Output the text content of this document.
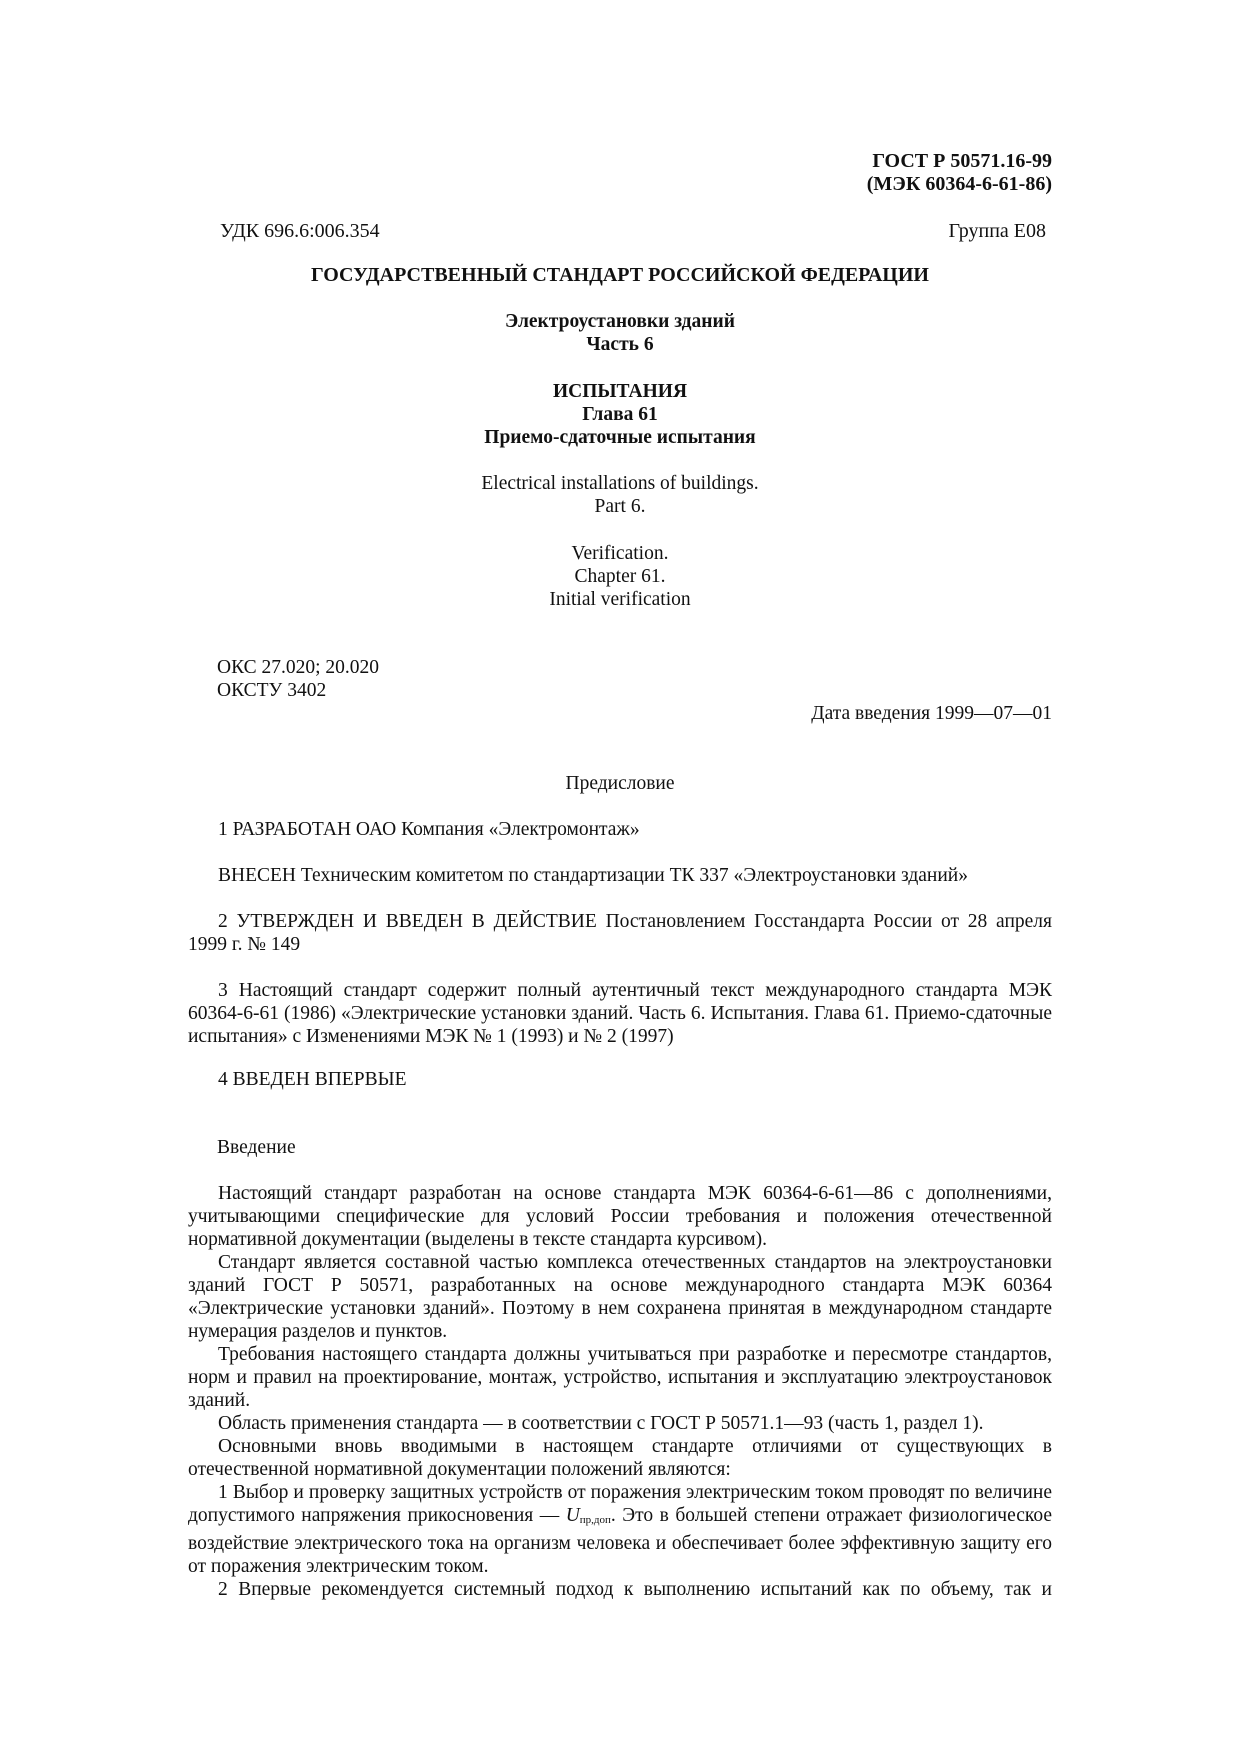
ГОСТ Р 50571.16-99
(МЭК 60364-6-61-86)
УДК 696.6:006.354	Группа Е08
ГОСУДАРСТВЕННЫЙ СТАНДАРТ РОССИЙСКОЙ ФЕДЕРАЦИИ
Электроустановки зданий
Часть 6
ИСПЫТАНИЯ
Глава 61
Приемо-сдаточные испытания
Electrical installations of buildings.
Part 6.
Verification.
Chapter 61.
Initial verification
ОКС 27.020; 20.020
ОКСТУ 3402
Дата введения 1999—07—01
Предисловие
1 РАЗРАБОТАН ОАО Компания «Электромонтаж»
ВНЕСЕН Техническим комитетом по стандартизации ТК 337 «Электроустановки зданий»
2 УТВЕРЖДЕН И ВВЕДЕН В ДЕЙСТВИЕ Постановлением Госстандарта России от 28 апреля 1999 г. № 149
3 Настоящий стандарт содержит полный аутентичный текст международного стандарта МЭК 60364-6-61 (1986) «Электрические установки зданий. Часть 6. Испытания. Глава 61. Приемо-сдаточные испытания» с Изменениями МЭК № 1 (1993) и № 2 (1997)
4 ВВЕДЕН ВПЕРВЫЕ
Введение

Настоящий стандарт разработан на основе стандарта МЭК 60364-6-61—86 с дополнениями, учитывающими специфические для условий России требования и положения отечественной нормативной документации (выделены в тексте стандарта курсивом).

Стандарт является составной частью комплекса отечественных стандартов на электроустановки зданий ГОСТ Р 50571, разработанных на основе международного стандарта МЭК 60364 «Электрические установки зданий». Поэтому в нем сохранена принятая в международном стандарте нумерация разделов и пунктов.

Требования настоящего стандарта должны учитываться при разработке и пересмотре стандартов, норм и правил на проектирование, монтаж, устройство, испытания и эксплуатацию электроустановок зданий.

Область применения стандарта — в соответствии с ГОСТ Р 50571.1—93 (часть 1, раздел 1).

Основными вновь вводимыми в настоящем стандарте отличиями от существующих в отечественной нормативной документации положений являются:

1 Выбор и проверку защитных устройств от поражения электрическим током проводят по величине допустимого напряжения прикосновения — $U_{пр,доп}$. Это в большей степени отражает физиологическое воздействие электрического тока на организм человека и обеспечивает более эффективную защиту его от поражения электрическим током.

2 Впервые рекомендуется системный подход к выполнению испытаний как по объему, так и
